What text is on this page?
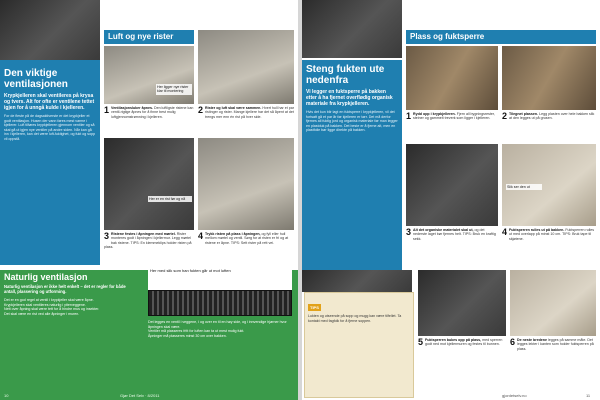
Den viktige ventilasjonen
Krypkjelleren skal ventileres på krysa og tvers. Alt for ofte er ventilene tettet igjen for å unngå kulde i kjelleren.
For de fleste på de dagsaktiverste er det krypkjeller et godt ventilasjon. Husen der vann føres mest varme i kjellerer. Luft tilføres krypkjelleren gjennom ventiler og så skal gå ut igjen nye ventiler på andre siden. Når kan gå inn i kjelleren, kan det være luft-fuktighet, og fukt og sopp vil oppstå.
Luft og nye rister
Her ligger nye rister klar til montering
1 Ventilasjonsluker åpnes. Den luftligste ristene kan ventil-rigtige åpnes for å finne best mulig luftgjennomstrømning i kjelleren.
2 Rister og luft skal være sammen. Hvert hull har et par ristinger og rister. Mange kjellere har det så åpent at det trengs mer enn én rist på hver side.
Her er en rist før og nå
3 Ristene festes i åpningen med mørtel. Rister monteres godt i åpningen i kjellermur. Legg mørtel bak ristene. TIPS: En klemmeklips holder risten på plass.
4 Trykk risten på plass i åpningen, og fyll eller hull mellom mørtel og ventil. Sørg for at risten er fri og at ristene er åpne. TIPS: Sett rister på rett vei.
Naturlig ventilasjon
Naturlig ventilasjon er ikke helt enkelt – det er regler for både antall, plassering og utforming.
Her med slik som han fukten går ut mot luften
Det er en god regel at ventil i krypkjeller skal være åpne.
Krypkjelleren skal ventileres naturlig i ytterveggene.
Nett over åpning skal være tett for å hindre mus og insekter.
Det skal være en rist ved alle åpninger i muren.
Det legges en ventil i veggene, i og over en til en høy side, og i innvendige hjørner hvor åpningen skal være.
Ventiler må plasseres fritt for luften kan ta ut mest mulig fukt.
Åpninger må plasseres minst 30 cm over bakken.
10	Gjør Det Selv · 8/2011
Steng fukten ute nedenfra
Vi legger en fuktsperre på bakken etter å ha fjernet overflødig organisk materiale fra krypkjelleren.
Hvis det kun blir lagt en fuktsperre i krypkjelleren, vil det fortsatt gå et par år før kjelleren er tørr. Det må derfor fjernes all fuktig jord og organisk materiale før man legger en plastduk på bakken. Det beste er å fjerne alt, men en plastfolie bør ligge direkte på bakken.
Plass og fuktsperre
1 Rydd opp i krypkjelleren. Fjern all bygningsrester, steiner og gammelt treverk som ligger i kjelleren.	2 Tilegnet plassen. Legg plasten over hele bakken slik at den legges ut på grusen.
Slik ser den ut
3 Alt det organiske materialet skal ut, og det nederste laget bør fjernes helt. TIPS: Bruk en kraftig sekk.
4 Fuktsperren rulles ut på bakken. Fuktsperren rulles ut med overlapp på minst 10 cm. TIPS: Bruk tape til skjøtene.
TIPS
Lukten og utseende på sopp og mugg kan være tilfellet. Ta kontakt med fagfolk for å fjerne soppen.
5 Fuktsperren bukes opp på plass, med sperren godt ned mot kjellermuren og festes til bunnen.	6 De neste bredene legges på samme måte. Det legges lekter i kanten som holder fuktsperren på plass.
gjordetselv.no	11
